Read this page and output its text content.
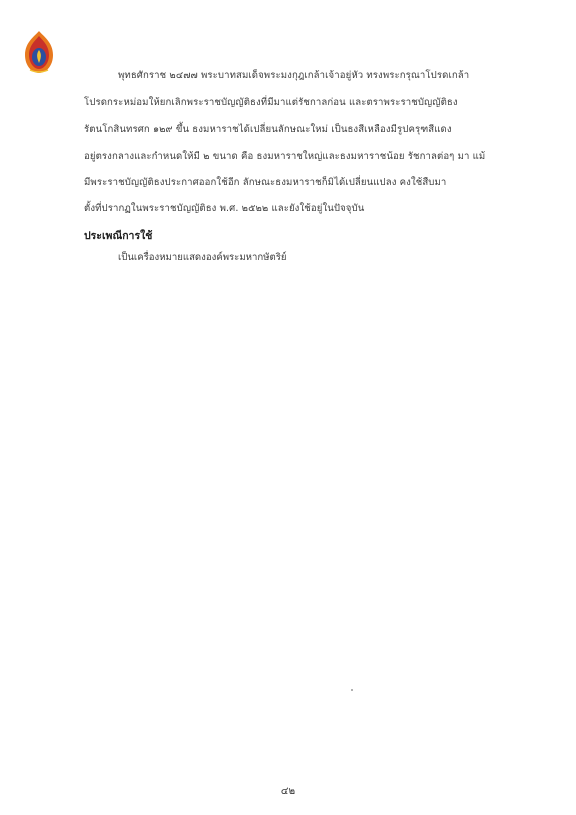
พุทธศักราช ๒๔๗๗ พระบาทสมเด็จพระมงกุฎเกล้าเจ้าอยู่หัว ทรงพระกรุณาโปรดเกล้า
โปรดกระหม่อมให้ยกเลิกพระราชบัญญัติธงที่มีมาแต่รัชกาลก่อน และตราพระราชบัญญัติธง
รัตนโกสินทรศก ๑๒๙ ขึ้น ธงมหาราชได้เปลี่ยนลักษณะใหม่ เป็นธงสีเหลืองมีรูปครุฑสีแดง
อยู่ตรงกลางและกำหนดให้มี ๒ ขนาด คือ ธงมหาราชใหญ่และธงมหาราชน้อย รัชกาลต่อๆ มา แม้
มีพระราชบัญญัติธงประกาศออกใช้อีก ลักษณะธงมหาราชก็มิได้เปลี่ยนแปลง คงใช้สืบมา
ตั้งที่ปรากฏในพระราชบัญญัติธง พ.ศ. ๒๕๒๒ และยังใช้อยู่ในปัจจุบัน
ประเพณีการใช้
เป็นเครื่องหมายแสดงองค์พระมหากษัตริย์
๔๒
